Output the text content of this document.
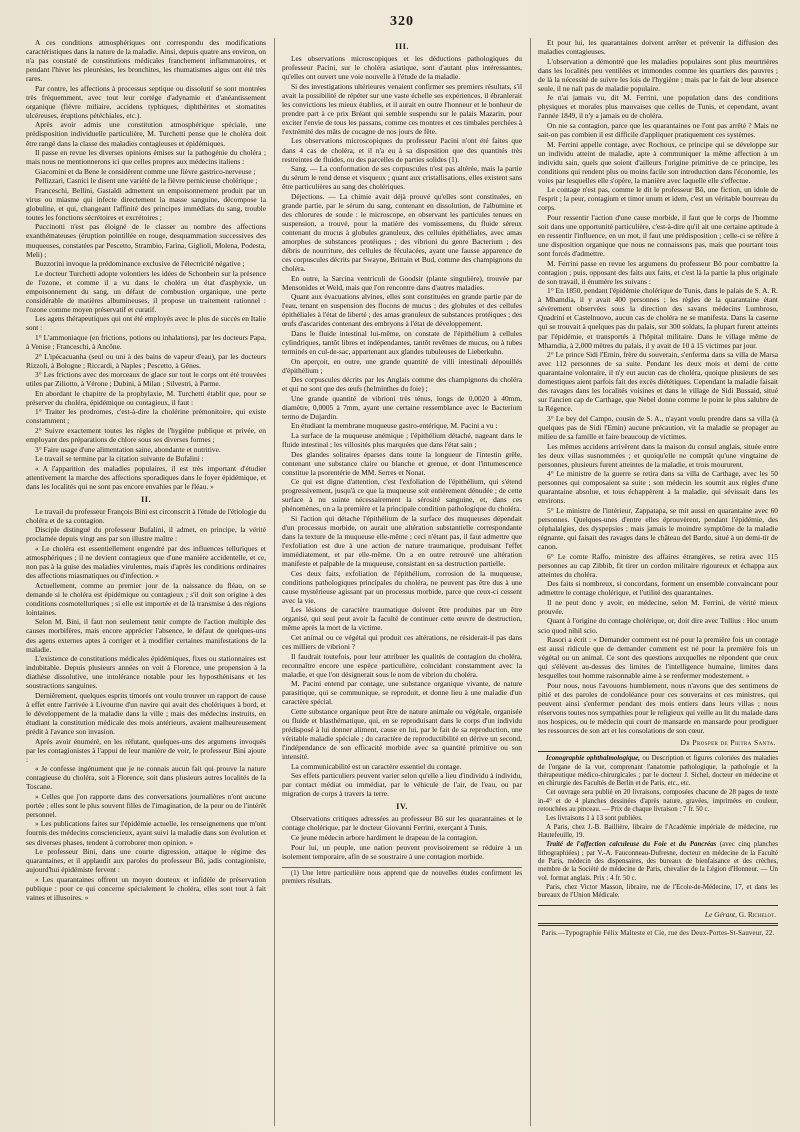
320

A ces conditions atmosphériques ont correspondu des modifications caractéristiques dans la nature de la maladie. Ainsi, depuis quatre ans environ, on n'a pas constaté de constitutions médicales franchement inflammatoires, et pendant l'hiver les pleurésies, les bronchites, les rhumatismes aigus ont été très rares.

Par contre, les affections à processus septique ou dissolutif se sont montrées très fréquemment, avec tout leur cortége d'adynamie et d'anéantissement organique (fièvre miliaire, accidens typhiques, diphthérites et stomatites ulcéreuses, éruptions pétéchiales, etc.).

Après avoir admis une constitution atmosphérique spéciale, une prédisposition individuelle particulière, M. Turchetti pense que le choléra doit être rangé dans la classe des maladies contagieuses et épidémiques.

Il passe en revue les diverses opinions émises sur la pathogénie du choléra ; mais nous ne mentionnerons ici que celles propres aux médecins italiens :

Giacomini et da Bene le considèrent comme une fièvre gastrico-nerveuse ;

Pellizzari, Casnici le disent une variété de la fièvre pernicieuse cholérique ;

Franceschi, Bellini, Gastaldi admettent un empoisonnement produit par un virus ou miasme qui infecte directement la masse sanguine, décompose la globuline, et qui, changeant l'affinité des principes immédiats du sang, trouble toutes les fonctions sécrétoires et excrétoires ;

Puccinotti n'est pas éloigné de le classer au nombre des affections exanthémateuses (éruption pointillée en rouge, desquammation successives des muqueuses, constatées par Pescetto, Strambio, Farina, Giglioli, Molena, Podesta, Meli) ;

Buzzorini invoque la prédominance exclusive de l'électricité négative ;

Le docteur Turchetti adopte volontiers les idées de Schonbein sur la présence de l'ozone, et comme il a vu dans le choléra un état d'asphyxie, un empoisonnement du sang, un défaut de combustion organique, une perte considérable de matières albumineuses, il propose un traitement rationnel : l'ozone comme moyen préservatif et curatif.

Les agens thérapeutiques qui ont été employés avec le plus de succès en Italie sont :

1° L'ammoniaque (en frictions, potions ou inhalations), par les docteurs Papa, à Venise ; Franceschi, à Ancône.

2° L'ipécacuanha (seul ou uni à des bains de vapeur d'eau), par les docteurs Rizzoli, à Bologne ; Riccardi, à Naples ; Pescetto, à Gênes.

3° Les frictions avec des morceaux de glace sur tout le corps ont été trouvées utiles par Ziliotto, à Vérone ; Dubini, à Milan ; Silvestri, à Parme.

En abordant le chapitre de la prophylaxie, M. Turchetti établit que, pour se préserver du choléra, épidémique ou contagieux, il faut :

1° Traiter les prodromes, c'est-à-dire la cholérine prémonitoire, qui existe constamment ;

2° Suivre exactement toutes les règles de l'hygiène publique et privée, en employant des préparations de chlore sous ses diverses formes ;

3° Faire usage d'une alimentation saine, abondante et nutritive.

Le travail se termine par la citation suivante de Bufalini :

« A l'apparition des maladies populaires, il est très important d'étudier attentivement la marche des affections sporadiques dans le foyer épidémique, et dans les localités qui ne sont pas encore envahies par le fléau. »

II.

Le travail du professeur François Bini est circonscrit à l'étude de l'étiologie du choléra et de sa contagion.

Disciple distingué du professeur Bufalini, il admet, en principe, la vérité proclamée depuis vingt ans par son illustre maître :

« Le choléra est essentiellement engendré par des influences telluriques et atmosphériques ; il ne devient contagieux que d'une manière accidentelle, et ce, non pas à la guise des maladies virulentes, mais d'après les conditions ordinaires des affections miasmatiques ou d'infection. »

Actuellement, comme au premier jour de la naissance du fléau, on se demande si le choléra est épidémique ou contagieux ; s'il doit son origine à des conditions cosmotelluriques ; si elle est importée et de là transmise à des régions lointaines.

Selon M. Bini, il faut non seulement tenir compte de l'action multiple des causes morbifères, mais encore apprécier l'absence, le défaut de quelques-uns des agens externes aptes à corriger et à modifier certaines manifestations de la maladie.

L'existence de constitutions médicales épidémiques, fixes ou stationnaires est indubitable. Depuis plusieurs années on voit à Florence, une propension à la diathèse dissolutive, une intolérance notable pour les hyposthénisans et les soustractions sanguines.

Dernièrement, quelques esprits timorés ont voulu trouver un rapport de cause à effet entre l'arrivée à Livourne d'un navire qui avait des cholériques à bord, et le développement de la maladie dans la ville ; mais des médecins instruits, en étudiant la constitution médicale des mois antérieurs, avaient malheureusement prédit à l'avance son invasion.

Après avoir énuméré, en les réfutant, quelques-uns des argumens invoqués par les contagionistes à l'appui de leur manière de voir, le professeur Bini ajoute :

« Je confesse ingénument que je ne connais aucun fait qui prouve la nature contagieuse du choléra, soit à Florence, soit dans plusieurs autres localités de la Toscane.

» Celles que j'on rapporte dans des conversations journalières n'ont aucune portée ; elles sont le plus souvent filles de l'imagination, de la peur ou de l'intérêt personnel.

» Les publications faites sur l'épidémie actuelle, les renseignemens que m'ont fournis des médecins consciencieux, ayant suivi la maladie dans son évolution et ses diverses phases, tendent à corroborer mon opinion. »

Le professeur Bini, dans une courte digression, attaque le régime des quarantaines, et il applaudit aux paroles du professeur Bô, jadis contagioniste, aujourd'hui épidémiste fervent :

« Les quarantaines offrent un moyen douteux et infidèle de préservation publique : pour ce qui concerne spécialement le choléra, elles sont tout à fait vaines et illusoires. »

III.

Les observations microscopiques et les déductions pathologiques du professeur Pacini, sur le choléra asiatique, sont d'autant plus intéressantes, qu'elles ont ouvert une voie nouvelle à l'étude de la maladie.

Si des investigations ultérieures venaient confirmer ses premiers résultats, s'il avait la possibilité de répéter sur une vaste échelle ses expériences, il ébranlerait les convictions les mieux établies, et il aurait en outre l'honneur et le bonheur de prendre part à ce prix Bréant qui semble suspendu sur le palais Mazarin, pour exciter l'envie de tous les passans, comme ces montres et ces timbales perchées à l'extrémité des mâts de cocagne de nos jours de fête.

Les observations microscopiques du professeur Pacini n'ont été faites que dans 4 cas de choléra, et il n'a eu à sa disposition que des quantités très restreintes de fluides, ou des parcelles de parties solides (1).

Sang. — La conformation de ses corpuscules n'est pas altérée, mais la partie du sérum le rend dense et visqueux ; quant aux cristallisations, elles existent sans être particulières au sang des cholériques.

Déjections. — La chimie avait déjà prouvé qu'elles sont constituées, en grande partie, par le sérum du sang, contenant en dissolution, de l'albumine et des chlorures de soude : le microscope, en observant les particules tenues en suspension, a trouvé, pour la matière des vomissemens, du fluide séreux contenant du mucus à globules granuleux, des cellules épithéliales, avec amas amorphes de substances protéiques ; des vibrioni du genre Bacterium ; des débris de nourriture, des cellules de féculacées, ayant une fausse apparence de ces corpuscules décrits par Swayne, Brittain et Bud, comme des champignons du choléra.

En outre, la Sarcina ventriculi de Goodsir (plante singulière), trouvée par Mensonides et Weld, mais que l'on rencontre dans d'autres maladies.

Quant aux évacuations alvines, elles sont constituées en grande partie par de l'eau, tenant en suspension des flocons de mucus ; des globules et des cellules épithéliales à l'état de liberté ; des amas granuleux de substances protéiques ; des œufs d'ascarides contenant des embryons à l'état de développement.

Dans le fluide intestinal lui-même, on constate de l'épithélium à cellules cylindriques, tantôt libres et indépendantes, tantôt revêtues de mucus, ou à tubes terminés en cul-de-sac, appartenant aux glandes tubuleuses de Lieberkuhn.

On aperçoit, en outre, une grande quantité de villi intestinali dépouillés d'épithélium ;

Des corpuscules décrits par les Anglais comme des champignons du choléra et qui ne sont que des œufs (helminthes du foie) ;

Une grande quantité de vibrioni très ténus, longs de 0,0020 à 40mm, diamètre, 0,0005 à 7mm, ayant une certaine ressemblance avec le Bacterium termo de Dujardin.

En étudiant la membrane muqueuse gastro-entérique, M. Pacini a vu :

La surface de la muqueuse anémique ; l'épithélium détaché, nageant dans le fluide intestinal ; les villosités plus marquées que dans l'état sain ;

Des glandes solitaires éparses dans toute la longueur de l'intestin grêle, contenant une substance claire ou blanche et grenue, et dont l'intumescence constitue la psorentérie de MM. Serres et Nonat.

Ce qui est digne d'attention, c'est l'exfoliation de l'épithélium, qui s'étend progressivement, jusqu'à ce que la muqueuse soit entièrement dénudée ; de cette surface à nu suinte nécessairement la sérosité sanguine, et, dans ces phénomènes, on a la première et la principale condition pathologique du choléra.

Si l'action qui détache l'épithélium de la surface des muqueuses dépendait d'un processus morbide, on aurait une altération substantielle correspondante dans la texture de la muqueuse elle-même ; ceci n'étant pas, il faut admettre que l'exfoliation est due à une action de nature traumatique, produisant l'effet immédiatement, et par elle-même. On a en outre retrouvé une altération manifeste et palpable de la muqueuse, consistant en sa destruction partielle.

Ces deux faits, exfoliation de l'épithélium, corrosion de la muqueuse, conditions pathologiques principales du choléra, ne peuvent pas être dus à une cause mystérieuse agissant par un processus morbide, parce que ceux-ci cessent avec la vie.

Les lésions de caractère traumatique doivent être produites par un être organisé, qui seul peut avoir la faculté de continuer cette œuvre de destruction, même après la mort de la victime.

Cet animal ou ce végétal qui produit ces altérations, ne résiderait-il pas dans ces milliers de vibrioni ?

Il faudrait toutefois, pour leur attribuer les qualités de contagion du choléra, reconnaître encore une espèce particulière, coïncidant constamment avec la maladie, et que l'on désignerait sous le nom de vibrion du choléra.

M. Pacini entend par contage, une substance organique vivante, de nature parasitique, qui se communique, se reproduit, et donne lieu à une maladie d'un caractère spécial.

Cette substance organique peut être de nature animale ou végétale, organisée ou fluide et blasthématique, qui, en se reproduisant dans le corps d'un individu prédisposé à lui donner aliment, cause en lui, par le fait de sa reproduction, une véritable maladie spéciale ; du caractère de reproductibilité en dérive un second, l'indépendance de son efficacité morbide avec sa quantité primitive ou son intensité.

La communicabilité est un caractère essentiel du contage.

Ses effets particuliers peuvent varier selon qu'elle a lieu d'individu à individu, par contact médiat ou immédiat, par le véhicule de l'air, de l'eau, ou par migration de corps à travers la terre.

IV.

Observations critiques adressées au professeur Bô sur les quarantaines et le contage cholérique, par le docteur Giovanni Ferrini, exerçant à Tunis.

Ce jeune médecin arbore hardiment le drapeau de la contagion.

Pour lui, un peuple, une nation peuvent provisoirement se réduire à un isolement temporaire, afin de se soustraire à une contagion morbide.

(1) Une lettre particulière nous apprend que de nouvelles études confirment les premiers résultats.

Et pour lui, les quarantaines doivent arrêter et prévenir la diffusion des maladies contagieuses.

L'observation a démontré que les maladies populaires sont plus meurtrières dans les localités peu ventilées et immondes comme les quartiers des pauvres ; de là la nécessité de suivre les lois de l'hygiène ; mais par le fait de leur absence seule, il ne naît pas de maladie populaire.

Je n'ai jamais vu, dit M. Ferrini, une population dans des conditions physiques et morales plus mauvaises que celles de Tunis, et cependant, avant l'année 1849, il n'y a jamais eu de choléra.

On nie sa contagion, parce que les quarantaines ne l'ont pas arrêté ? Mais ne sait-on pas combien il est difficile d'appliquer pratiquement ces systèmes.

M. Ferrini appelle contage, avec Rochoux, ce principe qui se développe sur un individu atteint de maladie, apte à communiquer la même affection à un individu sain, quels que soient d'ailleurs l'origine primitive de ce principe, les conditions qui rendent plus ou moins facile son introduction dans l'économie, les voies par lesquelles elle s'opère, la manière avec laquelle elle s'effectue.

Le contage n'est pas, comme le dit le professeur Bô, une fiction, un idole de l'esprit ; la peur, contagium et timor unum et idem, c'est un véritable bourreau du corps.

Pour ressentir l'action d'une cause morbide, il faut que le corps de l'homme soit dans une opportunité particulière, c'est-à-dire qu'il ait une certaine aptitude à en ressentir l'influence, en un mot, il faut une prédisposition ; celle-ci se réfère à une disposition organique que nous ne connaissons pas, mais que pourtant tous sont forcés d'admettre.

M. Ferrini passe en revue les argumens du professeur Bô pour combattre la contagion ; puis, opposant des faits aux faits, et c'est là la partie la plus originale de son travail, il énumère les suivans :

1° En 1850, pendant l'épidémie cholérique de Tunis, dans le palais de S. A. R. à Mhamdia, il y avait 400 personnes ; les règles de la quarantaine étant sévèrement observées sous la direction des savans médecins Lumbroso, Quadrini et Castelnuovo, aucun cas de choléra ne se manifesta. Dans la caserne qui se trouvait à quelques pas du palais, sur 300 soldats, la plupart furent atteints par l'épidémie, et transportés à l'hôpital militaire. Dans le village même de Mhamdia, à 2,000 mètres du palais, il y avait de 10 à 15 victimes par jour.

2° Le prince Sidi l'Emin, frère du souverain, s'enferma dans sa villa de Marsa avec 112 personnes de sa suite. Pendant les deux mois et demi de cette quarantaine volontaire, il n'y eut aucun cas de choléra, quoique plusieurs de ses domestiques aient parfois fait des excès diététiques. Cependant la maladie faisait des ravages dans les localités voisines et dans le village de Sidi Bussaid, situé sur l'ancien cap de Carthage, que Nebel donne comme le point le plus salubre de la Régence.

3° Le bey del Campo, cousin de S. A., n'ayant voulu prendre dans sa villa (à quelques pas de Sidi l'Emin) aucune précaution, vit la maladie se propager au milieu de sa famille et faire beaucoup de victimes.

Les mêmes accidens arrivèrent dans la maison du consul anglais, située entre les deux villas susnommées ; et quoiqu'elle ne comptât qu'une vingtaine de personnes, plusieurs furent atteintes de la maladie, et trois moururent.

4° Le ministre de la guerre se retira dans sa villa de Carthage, avec les 50 personnes qui composaient sa suite ; son médecin les soumit aux règles d'une quarantaine absolue, et tous échappèrent à la maladie, qui sévissait dans les environs.

5° Le ministre de l'intérieur, Zappatapa, se mit aussi en quarantaine avec 60 personnes. Quelques-unes d'entre elles éprouvèrent, pendant l'épidémie, des céphalalgies, des dyspepsies ; mais jamais le moindre symptôme de la maladie régnante, qui faisait des ravages dans le château del Bardo, situé à un demi-tir de canon.

6° Le comte Raffo, ministre des affaires étrangères, se retira avec 115 personnes au cap Zibbib, fit tirer un cordon militaire rigoureux et échappa aux atteintes du choléra.

Des faits si nombreux, si concordans, forment un ensemble convaincant pour admettre le contage cholérique, et l'utilité des quarantaines.

Il ne peut donc y avoir, en médecine, selon M. Ferrini, de vérité mieux prouvée.

Quant à l'origine du contage cholérique, or, doit dire avec Tullius : Hoc unum scio quod nihil scio.

Rasori a écrit : « Demander comment est né pour la première fois un contage est aussi ridicule que de demander comment est né pour la première fois un végétal ou un animal. Ce sont des questions auxquelles ne répondent que ceux qui s'élèvent au-dessus des limites de l'intelligence humaine, limites dans lesquelles tout homme raisonnable aime à se renfermer modestement. »

Pour nous, nous l'avouons humblement, nous n'avons que des sentimens de pitié et des paroles de condoléance pour ces souverains et ces ministres, qui peuvent ainsi s'enfermer pendant des mois entiers dans leurs villas ; nous réservons toutes nos sympathies pour le religieux qui veille au lit du malade dans nos hospices, ou le médecin qui court de mansarde en mansarde pour prodiguer les ressources de son art et les consolations de son cœur.

Dr Prosper de Pietra Santa.

Iconographie ophthalmologique, ou Description et figures coloriées des maladies de l'organe de la vue, comprenant l'anatomie pathologique, la pathologie et la thérapeutique médico-chirurgicales ; par le docteur J. Sichel, docteur en médecine et en chirurgie des Facultés de Berlin et de Paris, etc., etc.

Cet ouvrage sera publié en 20 livraisons, composées chacune de 28 pages de texte in-4° et de 4 planches dessinées d'après nature, gravées, imprimées en couleur, retouchées au pinceau. — Prix de chaque livraison : 7 fr. 50 c.

Les livraisons 1 à 13 sont publiées.

A Paris, chez J.-B. Baillière, libraire de l'Académie impériale de médecine, rue Hautefeuille, 19.

Traité de l'affection calculeuse du Foie et du Pancréas (avec cinq planches lithographiées) ; par V.-A. Fauconneau-Dufresne, docteur en médecine de la Faculté de Paris, médecin des dispensaires, des bureaux de bienfaisance et des crèches, membre de la Société de médecine de Paris, chevalier de la Légion d'Honneur. — Un vol. format anglais. Prix : 4 fr. 50 c.

Paris, chez Victor Masson, libraire, rue de l'Ecole-de-Médecine, 17, et dans les bureaux de l'Union Médicale.

Le Gérant, G. Richelot.
Paris.—Typographie Félix Malteste et Cie, rue des Deux-Portes-St-Sauveur, 22.
